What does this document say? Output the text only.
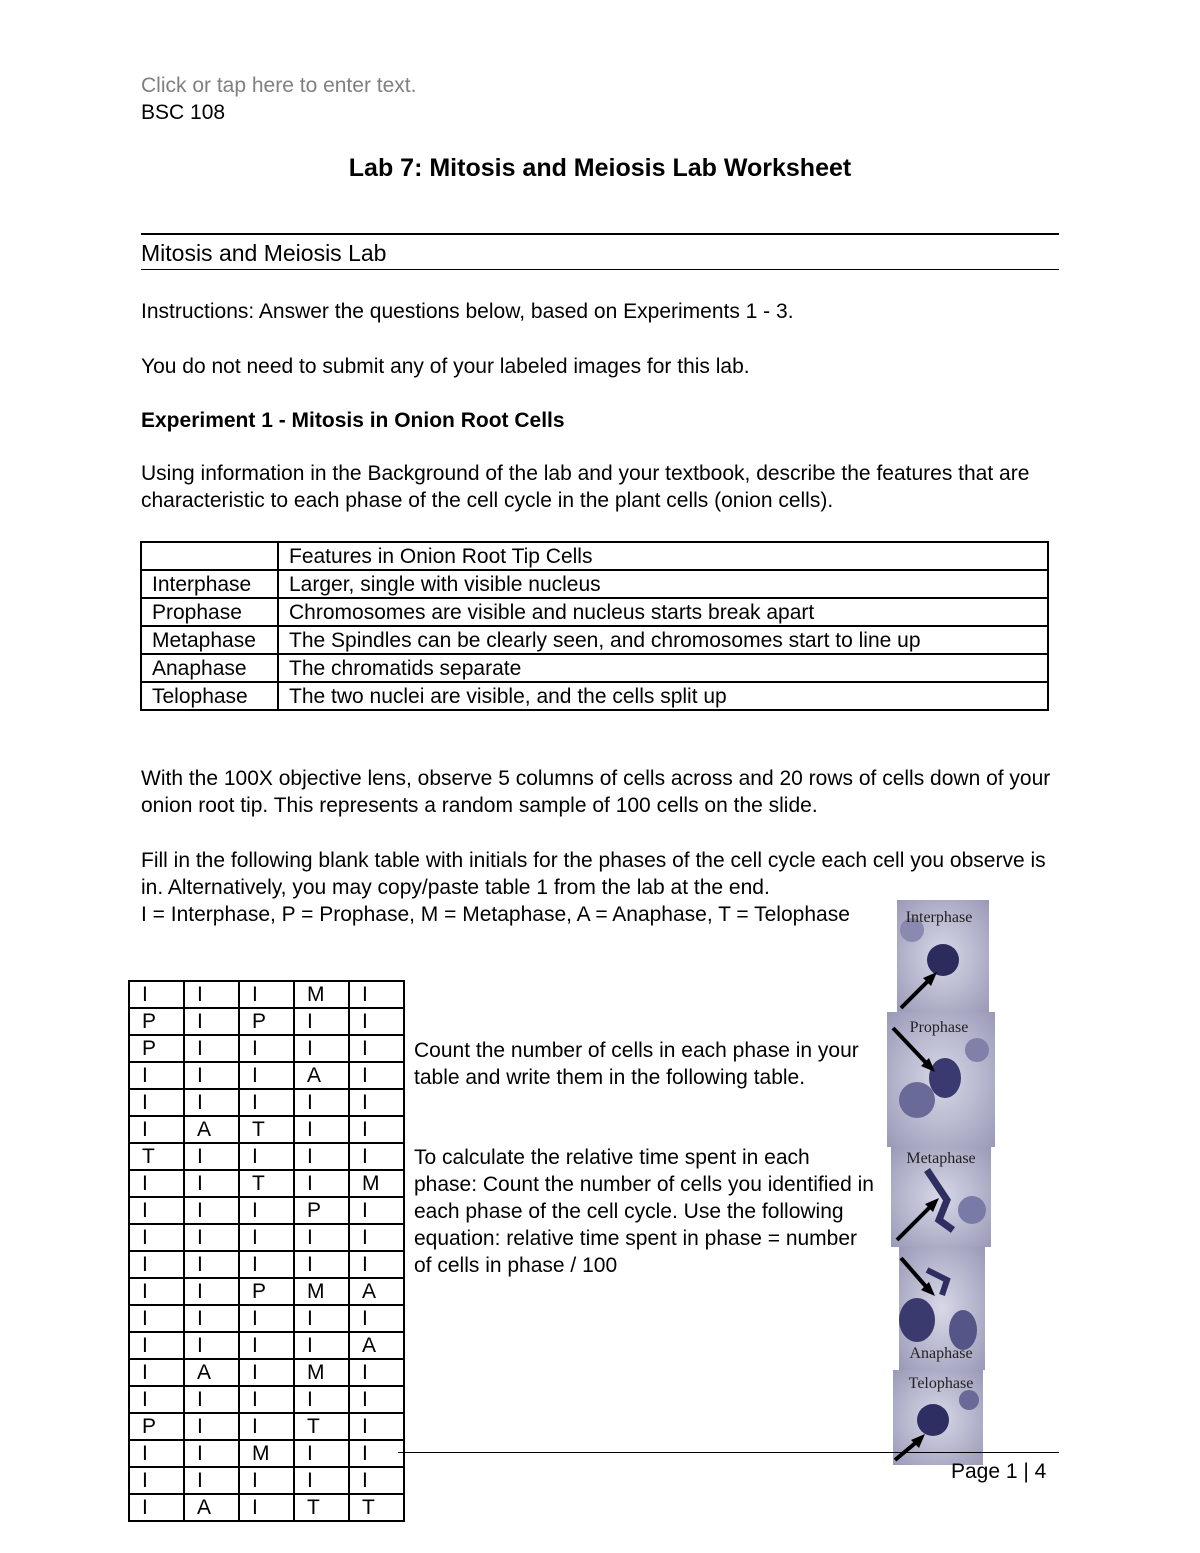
Click or tap here to enter text.
BSC 108
Lab 7: Mitosis and Meiosis Lab Worksheet
Mitosis and Meiosis Lab
Instructions: Answer the questions below, based on Experiments 1 - 3.
You do not need to submit any of your labeled images for this lab.
Experiment 1 - Mitosis in Onion Root Cells
Using information in the Background of the lab and your textbook, describe the features that are characteristic to each phase of the cell cycle in the plant cells (onion cells).
	Features in Onion Root Tip Cells
Interphase	Larger, single with visible nucleus
Prophase	Chromosomes are visible and nucleus starts break apart
Metaphase	The Spindles can be clearly seen, and chromosomes start to line up
Anaphase	The chromatids separate
Telophase	The two nuclei are visible, and the cells split up
With the 100X objective lens, observe 5 columns of cells across and 20 rows of cells down of your onion root tip. This represents a random sample of 100 cells on the slide.
Fill in the following blank table with initials for the phases of the cell cycle each cell you observe is in. Alternatively, you may copy/paste table 1 from the lab at the end.
I = Interphase, P = Prophase, M = Metaphase, A = Anaphase, T = Telophase
I	I	I	M	I
P	I	P	I	I
P	I	I	I	I
I	I	I	A	I
I	I	I	I	I
I	A	T	I	I
T	I	I	I	I
I	I	T	I	M
I	I	I	P	I
I	I	I	I	I
I	I	I	I	I
I	I	P	M	A
I	I	I	I	I
I	I	I	I	A
I	A	I	M	I
I	I	I	I	I
P	I	I	T	I
I	I	M	I	I
I	I	I	I	I
I	A	I	T	T
Count the number of cells in each phase in your table and write them in the following table.
To calculate the relative time spent in each phase: Count the number of cells you identified in each phase of the cell cycle. Use the following equation: relative time spent in phase = number of cells in phase / 100
Interphase
Prophase
Metaphase
Anaphase
Telophase
Page 1 | 4
